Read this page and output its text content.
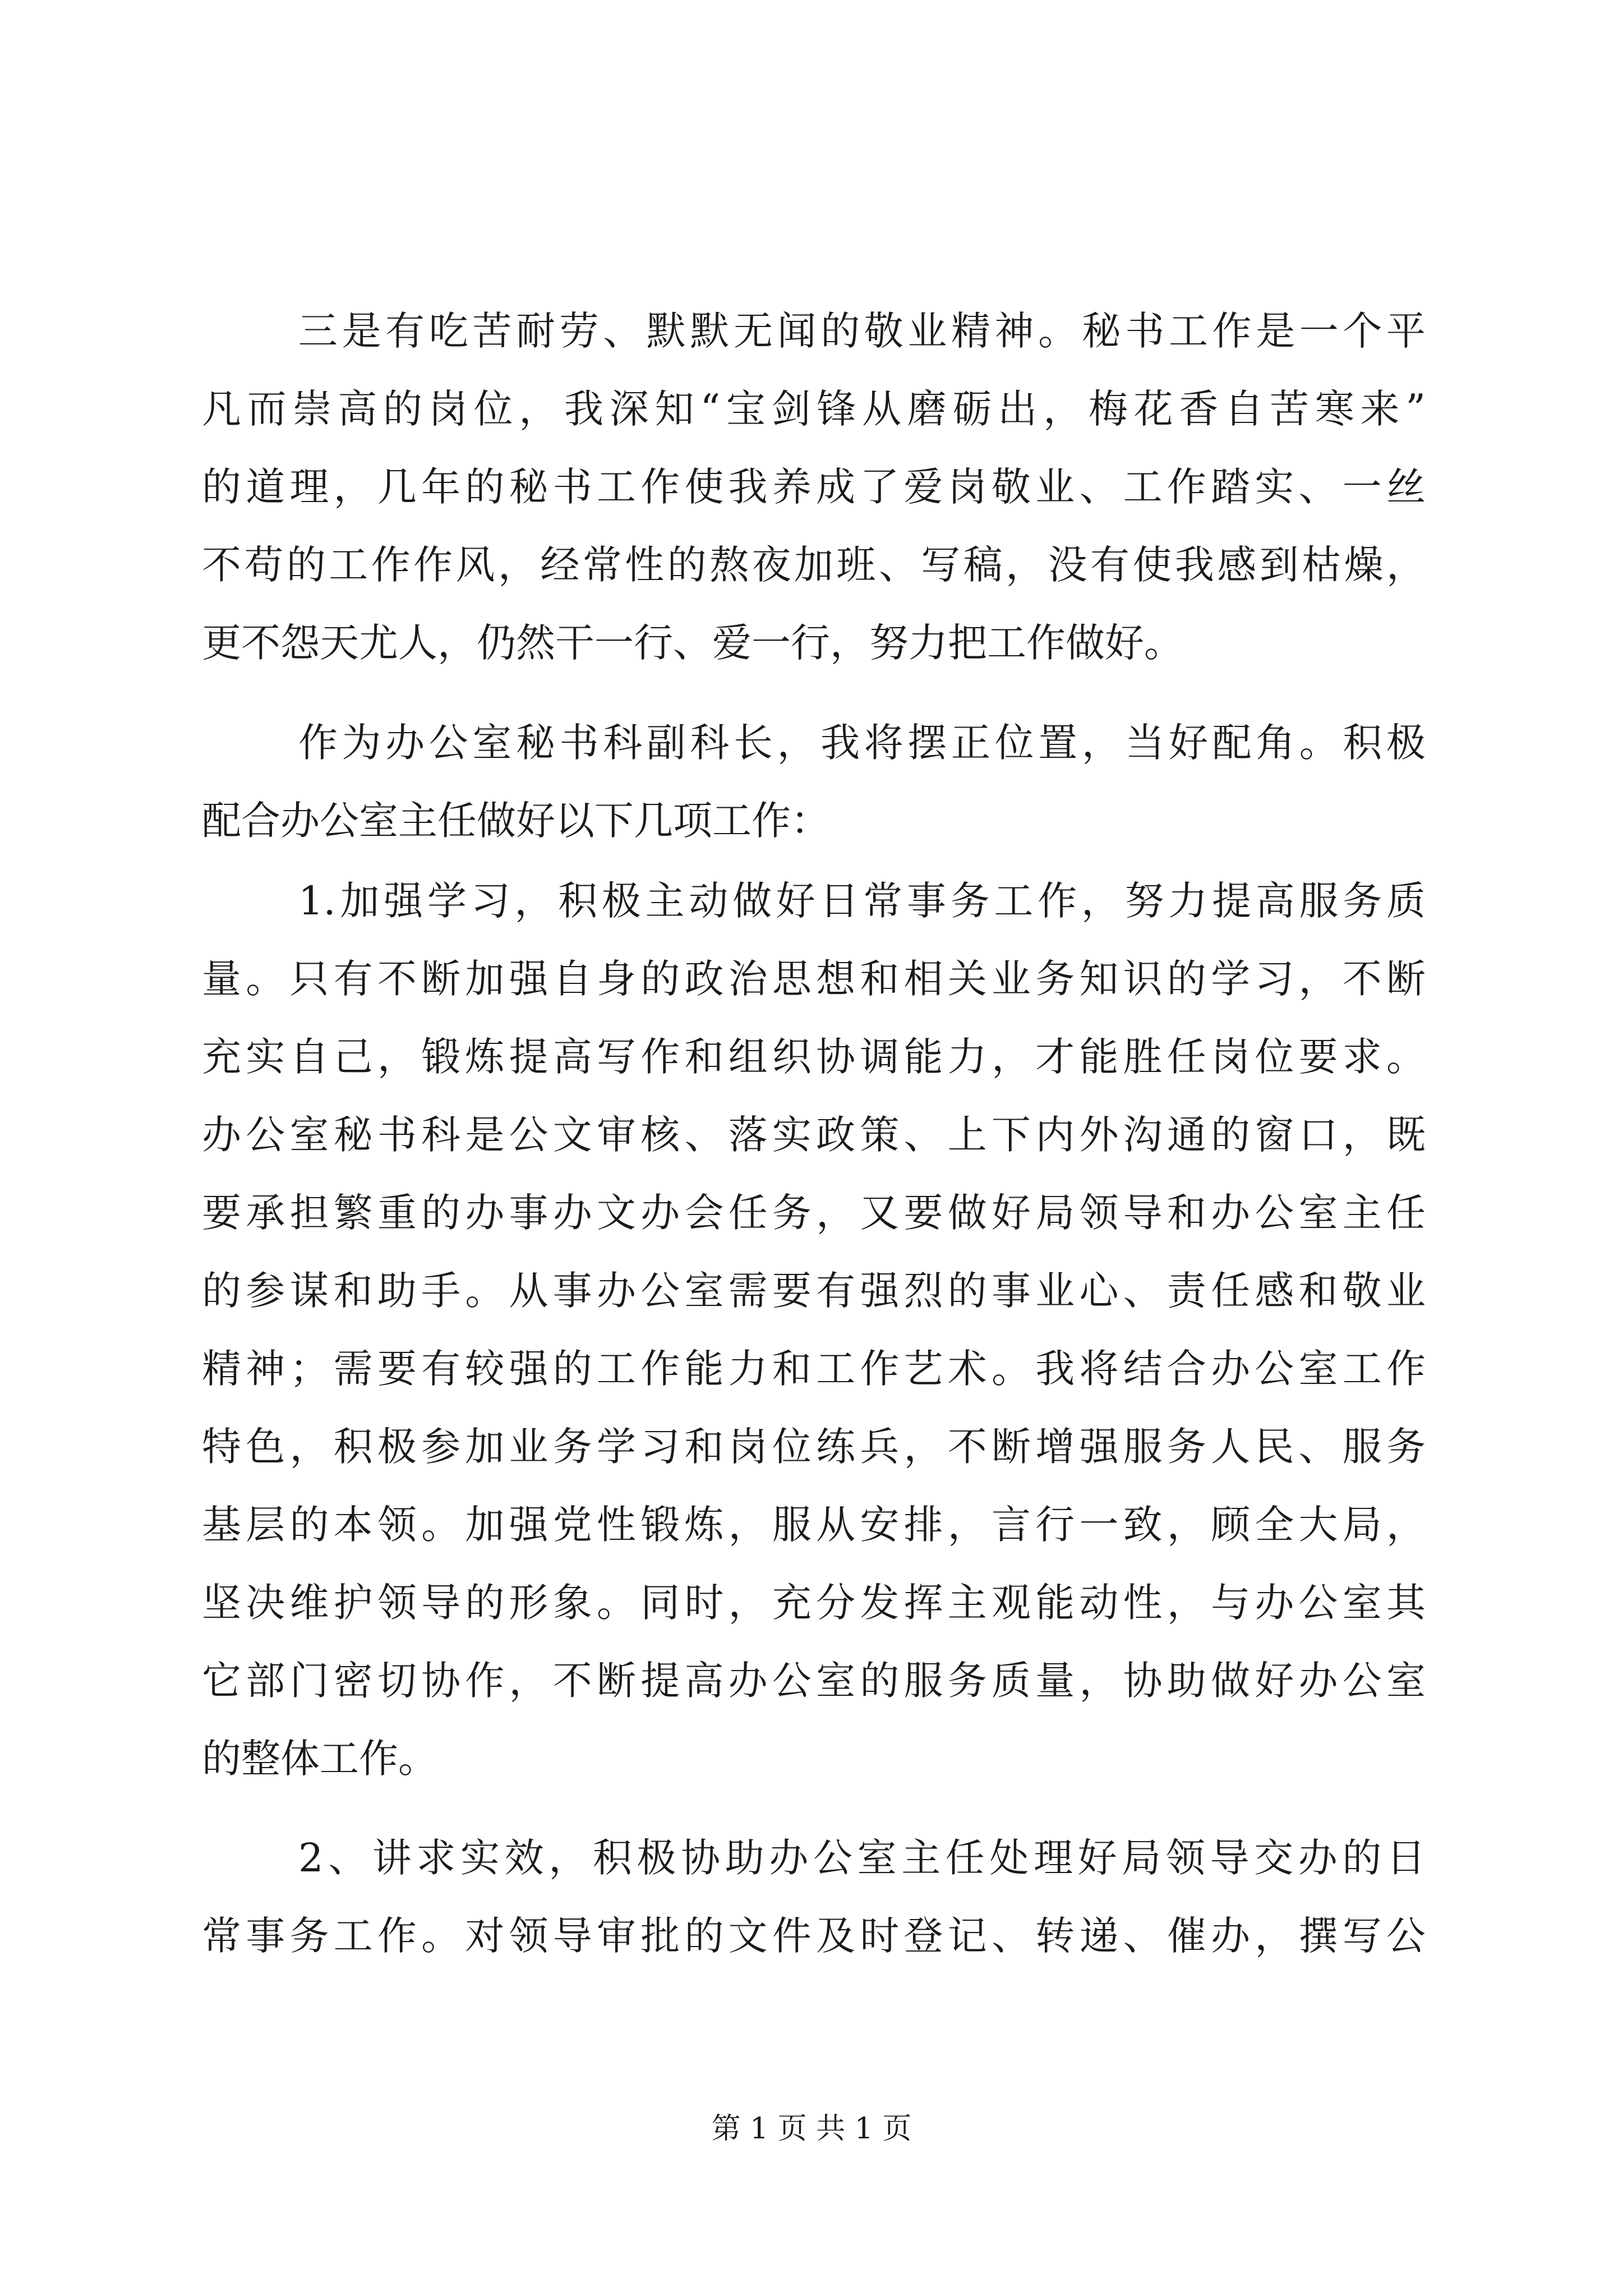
三是有吃苦耐劳、默默无闻的敬业精神。秘书工作是一个平
凡而崇高的岗位，我深知“宝剑锋从磨砺出，梅花香自苦寒来”
的道理，几年的秘书工作使我养成了爱岗敬业、工作踏实、一丝
不苟的工作作风，经常性的熬夜加班、写稿，没有使我感到枯燥，
更不怨天尤人，仍然干一行、爱一行，努力把工作做好。
作为办公室秘书科副科长，我将摆正位置，当好配角。积极
配合办公室主任做好以下几项工作：
1.加强学习，积极主动做好日常事务工作，努力提高服务质
量。只有不断加强自身的政治思想和相关业务知识的学习，不断
充实自己，锻炼提高写作和组织协调能力，才能胜任岗位要求。
办公室秘书科是公文审核、落实政策、上下内外沟通的窗口，既
要承担繁重的办事办文办会任务，又要做好局领导和办公室主任
的参谋和助手。从事办公室需要有强烈的事业心、责任感和敬业
精神；需要有较强的工作能力和工作艺术。我将结合办公室工作
特色，积极参加业务学习和岗位练兵，不断增强服务人民、服务
基层的本领。加强党性锻炼，服从安排，言行一致，顾全大局，
坚决维护领导的形象。同时，充分发挥主观能动性，与办公室其
它部门密切协作，不断提高办公室的服务质量，协助做好办公室
的整体工作。
2、讲求实效，积极协助办公室主任处理好局领导交办的日
常事务工作。对领导审批的文件及时登记、转递、催办，撰写公
第 1 页 共 1 页
